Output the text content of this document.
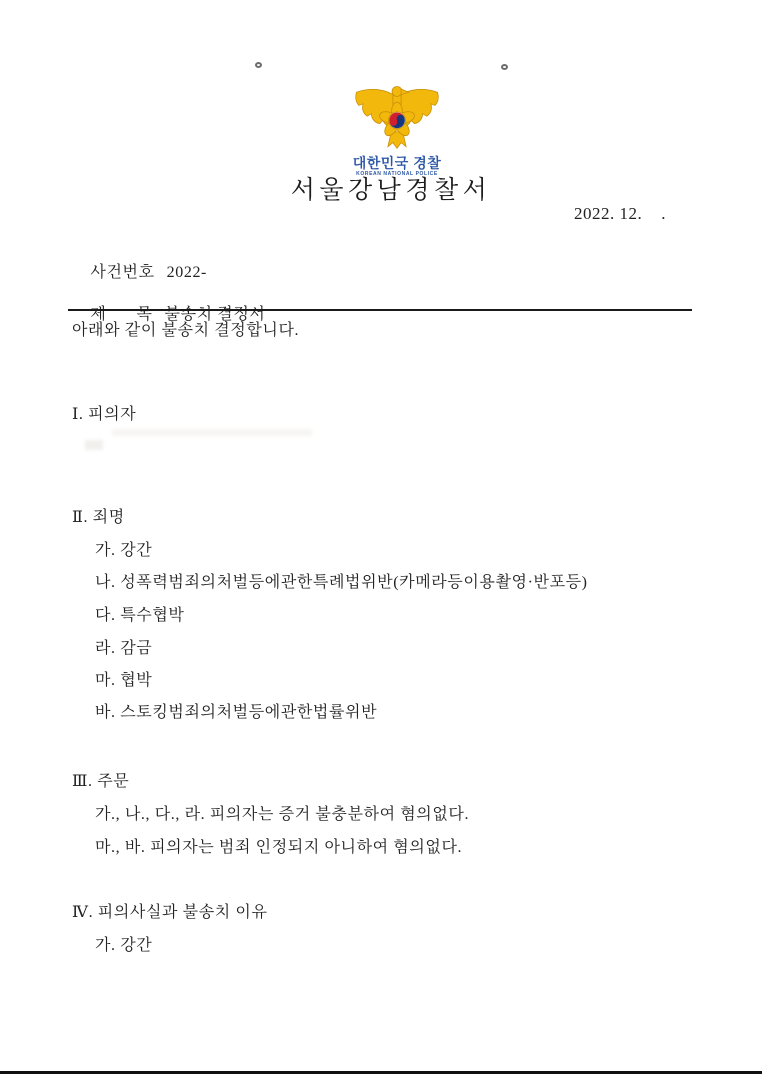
대한민국 경찰
KOREAN NATIONAL POLICE
서울강남경찰서
2022. 12.    .

사건번호 2022-

제 목 불송치 결정서

아래와 같이 불송치 결정합니다.
Ⅰ. 피의자
Ⅱ. 죄명
가. 강간
나. 성폭력범죄의처벌등에관한특례법위반(카메라등이용촬영·반포등)
다. 특수협박
라. 감금
마. 협박
바. 스토킹범죄의처벌등에관한법률위반
Ⅲ. 주문
가., 나., 다., 라. 피의자는 증거 불충분하여 혐의없다.
마., 바. 피의자는 범죄 인정되지 아니하여 혐의없다.
Ⅳ. 피의사실과 불송치 이유
가. 강간
